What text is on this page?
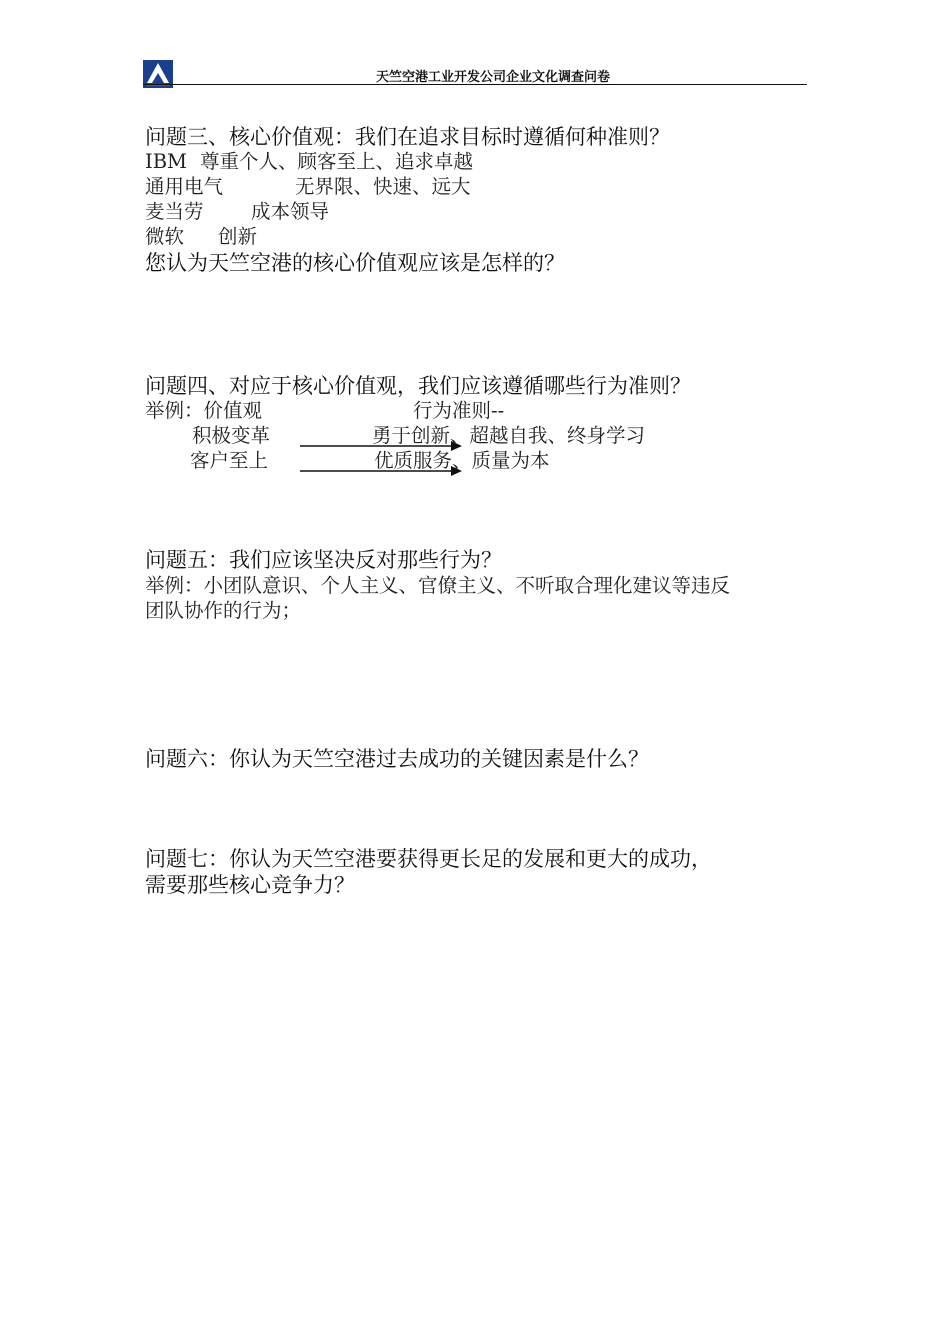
天竺空港工业开发公司企业文化调查问卷
问题三、核心价值观：我们在追求目标时遵循何种准则？
IBM 尊重个人、顾客至上、追求卓越
通用电气	无界限、快速、远大
麦当劳 成本领导
微软 创新
您认为天竺空港的核心价值观应该是怎样的？
问题四、对应于核心价值观，我们应该遵循哪些行为准则？
举例：价值观	行为准则--
积极变革	勇于创新、超越自我、终身学习
客户至上	优质服务、质量为本
问题五：我们应该坚决反对那些行为？
举例：小团队意识、个人主义、官僚主义、不听取合理化建议等违反
团队协作的行为；
问题六：你认为天竺空港过去成功的关键因素是什么？
问题七：你认为天竺空港要获得更长足的发展和更大的成功，
需要那些核心竞争力？
